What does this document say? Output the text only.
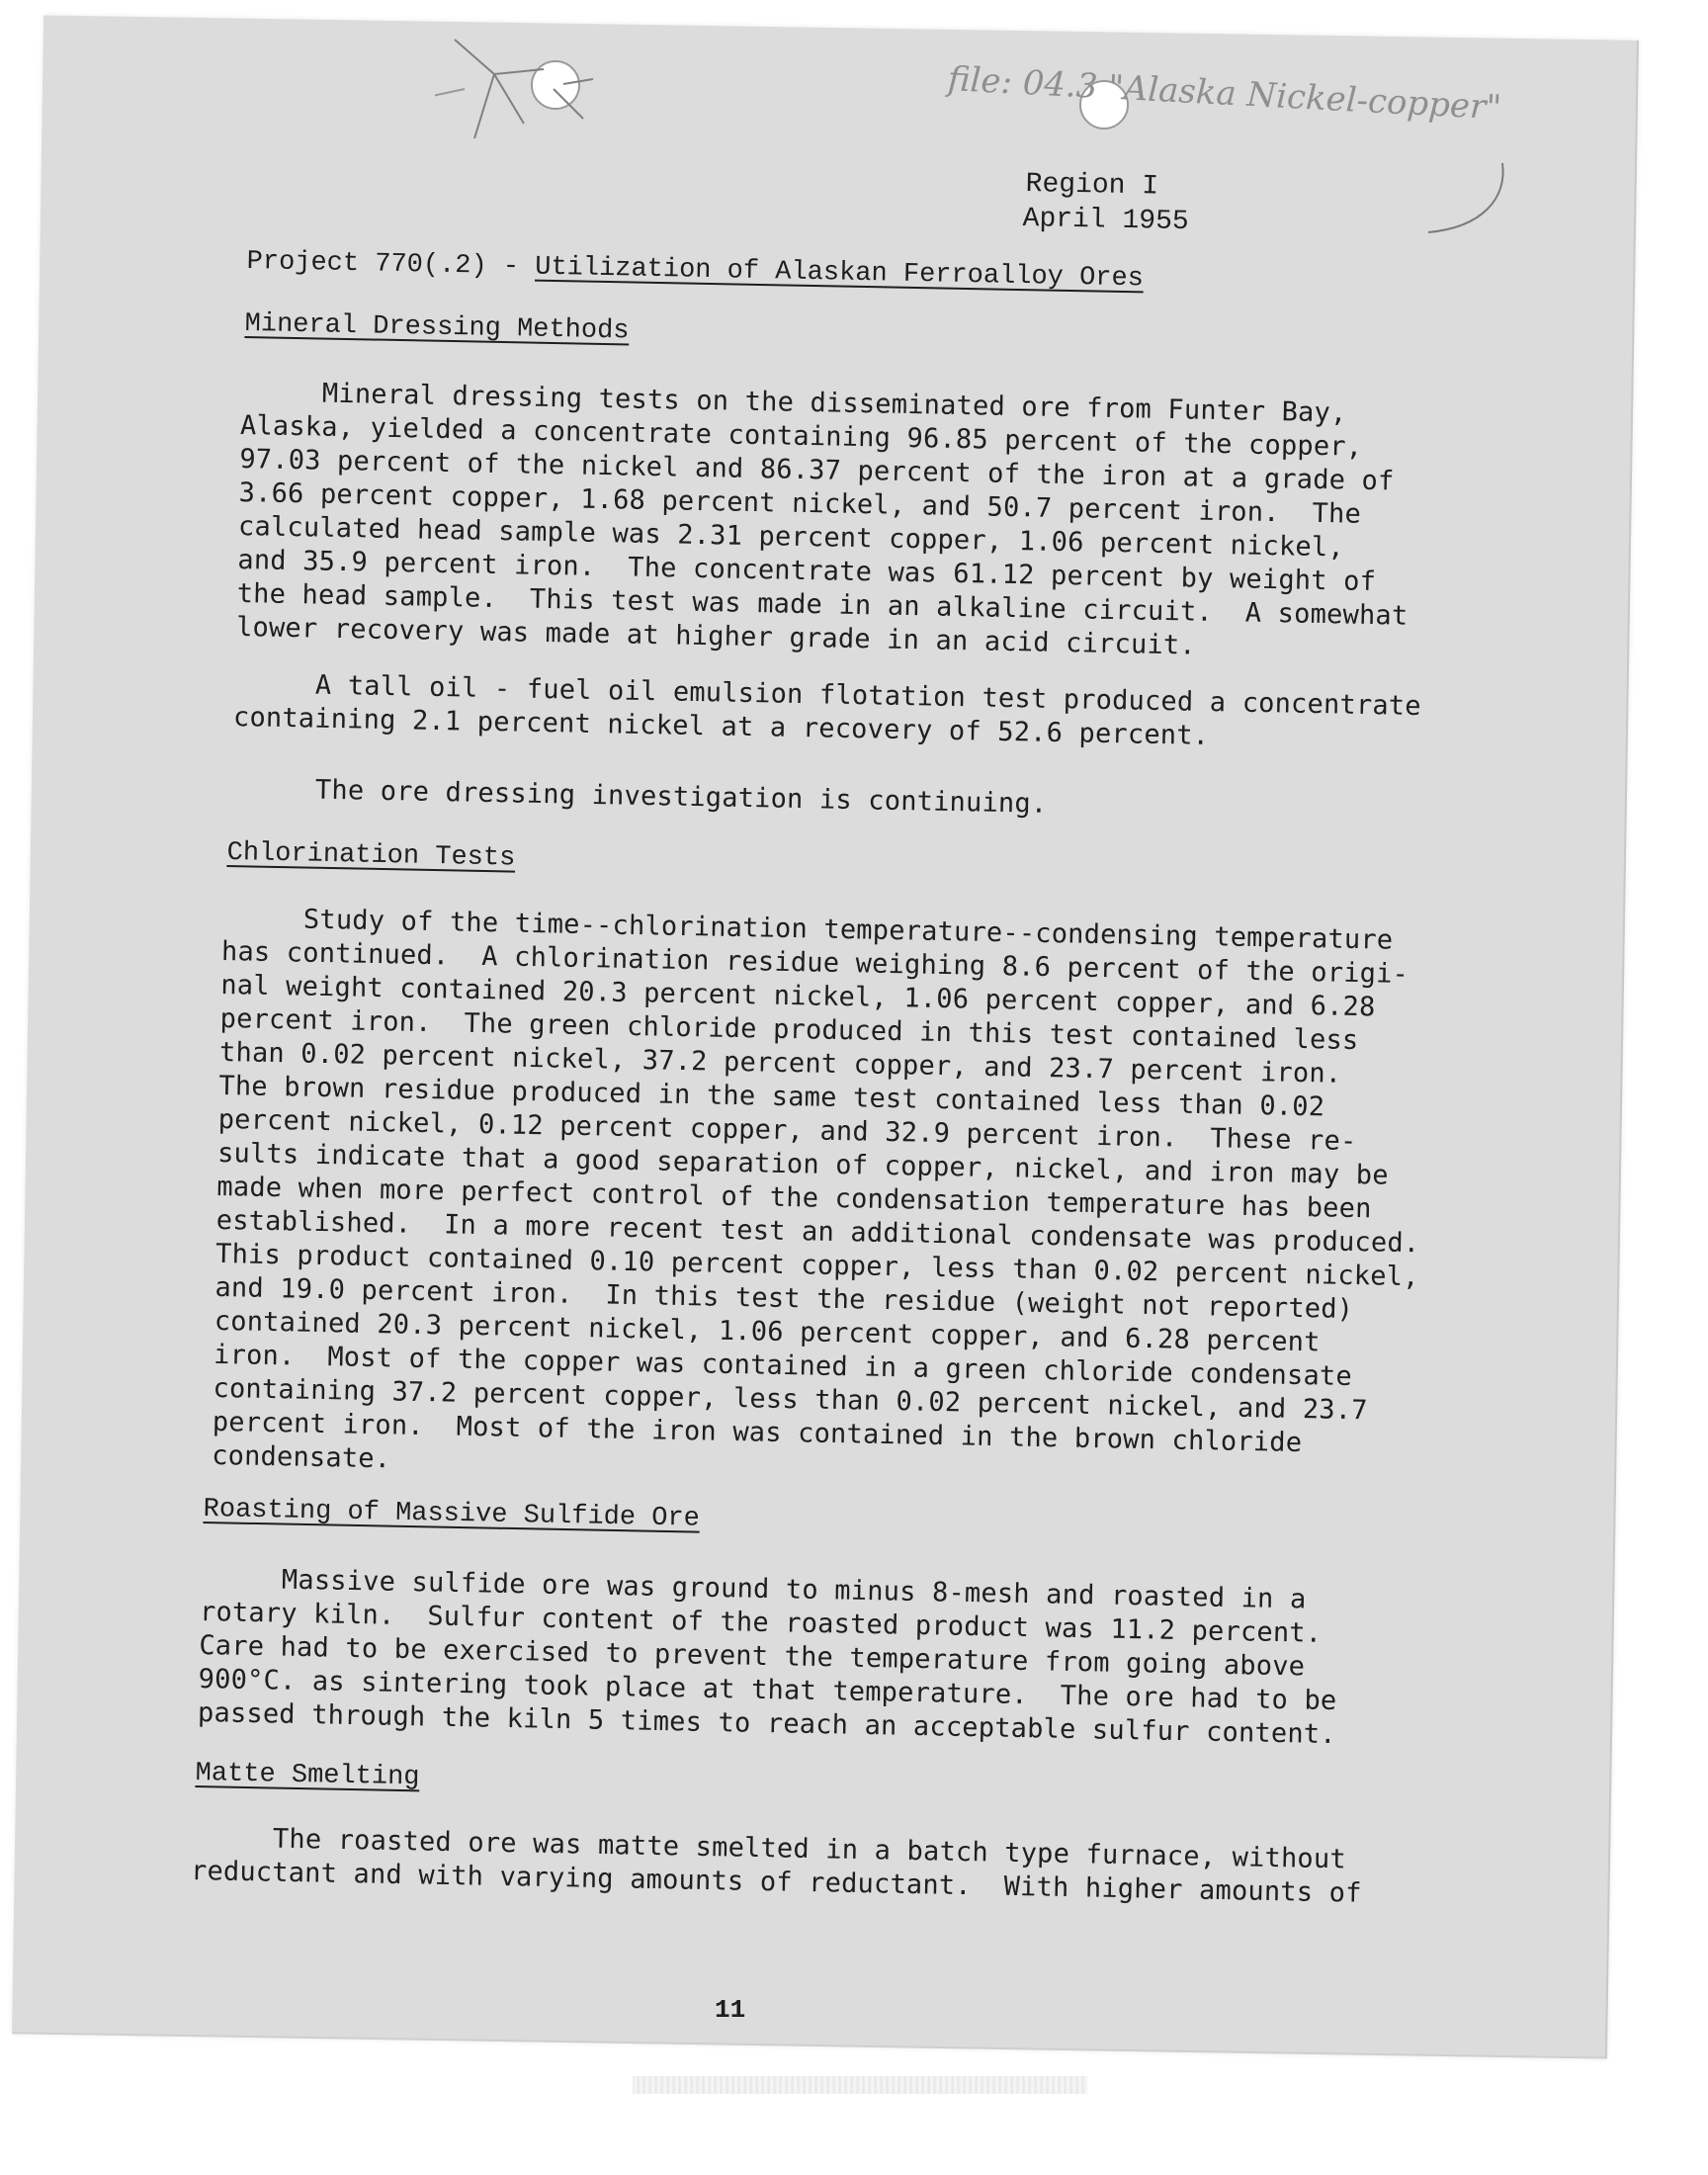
file: 04.3 "Alaska Nickel-copper"
Region I
April 1955
Project 770(.2) - Utilization of Alaskan Ferroalloy Ores
Mineral Dressing Methods
Mineral dressing tests on the disseminated ore from Funter Bay,
Alaska, yielded a concentrate containing 96.85 percent of the copper,
97.03 percent of the nickel and 86.37 percent of the iron at a grade of
3.66 percent copper, 1.68 percent nickel, and 50.7 percent iron.  The
calculated head sample was 2.31 percent copper, 1.06 percent nickel,
and 35.9 percent iron.  The concentrate was 61.12 percent by weight of
the head sample.  This test was made in an alkaline circuit.  A somewhat
lower recovery was made at higher grade in an acid circuit.
A tall oil - fuel oil emulsion flotation test produced a concentrate
containing 2.1 percent nickel at a recovery of 52.6 percent.
The ore dressing investigation is continuing.
Chlorination Tests
Study of the time--chlorination temperature--condensing temperature
has continued.  A chlorination residue weighing 8.6 percent of the origi-
nal weight contained 20.3 percent nickel, 1.06 percent copper, and 6.28
percent iron.  The green chloride produced in this test contained less
than 0.02 percent nickel, 37.2 percent copper, and 23.7 percent iron.
The brown residue produced in the same test contained less than 0.02
percent nickel, 0.12 percent copper, and 32.9 percent iron.  These re-
sults indicate that a good separation of copper, nickel, and iron may be
made when more perfect control of the condensation temperature has been
established.  In a more recent test an additional condensate was produced.
This product contained 0.10 percent copper, less than 0.02 percent nickel,
and 19.0 percent iron.  In this test the residue (weight not reported)
contained 20.3 percent nickel, 1.06 percent copper, and 6.28 percent
iron.  Most of the copper was contained in a green chloride condensate
containing 37.2 percent copper, less than 0.02 percent nickel, and 23.7
percent iron.  Most of the iron was contained in the brown chloride
condensate.
Roasting of Massive Sulfide Ore
Massive sulfide ore was ground to minus 8-mesh and roasted in a
rotary kiln.  Sulfur content of the roasted product was 11.2 percent.
Care had to be exercised to prevent the temperature from going above
900°C. as sintering took place at that temperature.  The ore had to be
passed through the kiln 5 times to reach an acceptable sulfur content.
Matte Smelting
The roasted ore was matte smelted in a batch type furnace, without
reductant and with varying amounts of reductant.  With higher amounts of
11
